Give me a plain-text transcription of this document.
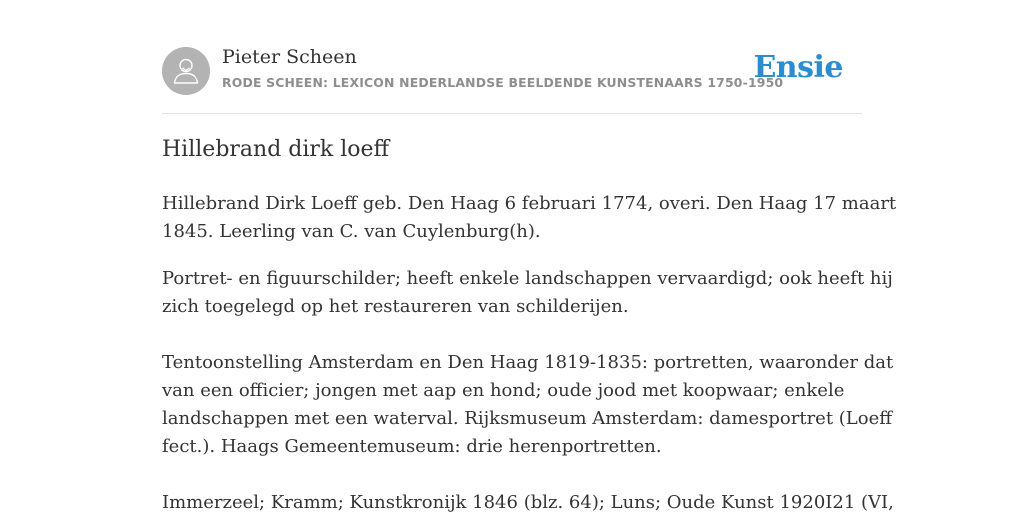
Pieter Scheen
RODE SCHEEN: LEXICON NEDERLANDSE BEELDENDE KUNSTENAARS 1750-1950
Ensie
Hillebrand dirk loeff

Hillebrand Dirk Loeff geb. Den Haag 6 februari 1774, overi. Den Haag 17 maart
1845. Leerling van C. van Cuylenburg(h).

Portret- en figuurschilder; heeft enkele landschappen vervaardigd; ook heeft hij
zich toegelegd op het restaureren van schilderijen.

Tentoonstelling Amsterdam en Den Haag 1819-1835: portretten, waaronder dat
van een officier; jongen met aap en hond; oude jood met koopwaar; enkele
landschappen met een waterval. Rijksmuseum Amsterdam: damesportret (Loeff
fect.). Haags Gemeentemuseum: drie herenportretten.

Immerzeel; Kramm; Kunstkronijk 1846 (blz. 64); Luns; Oude Kunst 1920I21 (VI,
